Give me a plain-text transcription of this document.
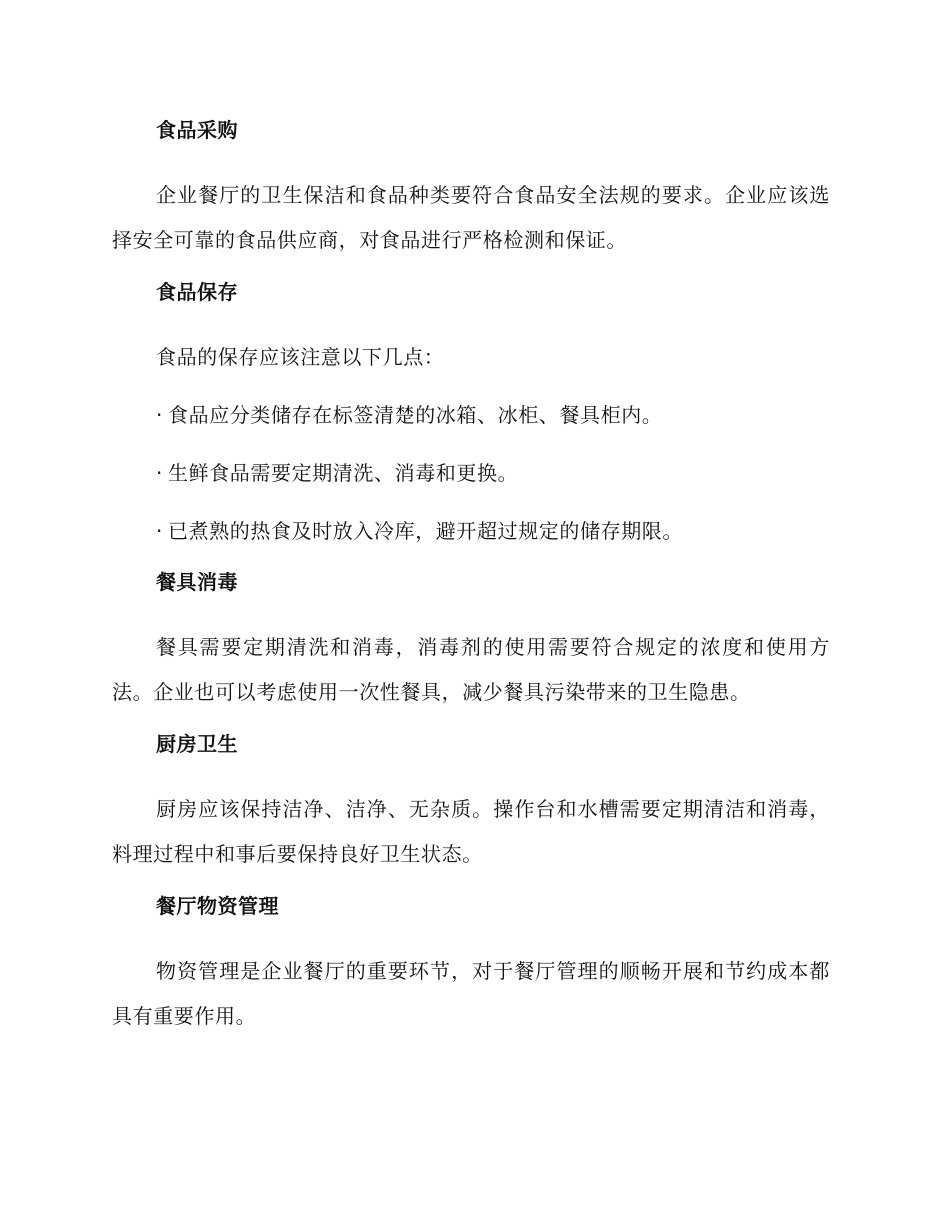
食品采购

企业餐厅的卫生保洁和食品种类要符合食品安全法规的要求。企业应该选择安全可靠的食品供应商，对食品进行严格检测和保证。

食品保存

食品的保存应该注意以下几点：

· 食品应分类储存在标签清楚的冰箱、冰柜、餐具柜内。
· 生鲜食品需要定期清洗、消毒和更换。
· 已煮熟的热食及时放入冷库，避开超过规定的储存期限。
餐具消毒

餐具需要定期清洗和消毒，消毒剂的使用需要符合规定的浓度和使用方法。企业也可以考虑使用一次性餐具，减少餐具污染带来的卫生隐患。

厨房卫生

厨房应该保持洁净、洁净、无杂质。操作台和水槽需要定期清洁和消毒，料理过程中和事后要保持良好卫生状态。

餐厅物资管理

物资管理是企业餐厅的重要环节，对于餐厅管理的顺畅开展和节约成本都具有重要作用。
